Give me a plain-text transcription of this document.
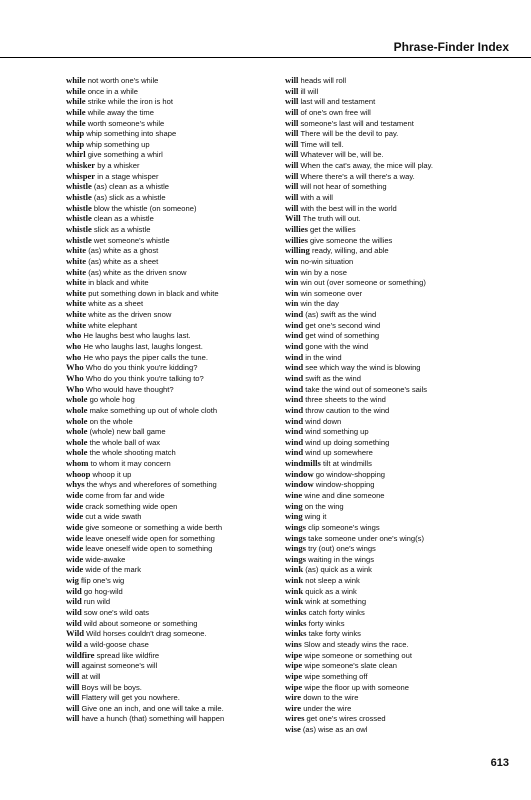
Phrase-Finder Index
while not worth one's while
while once in a while
while strike while the iron is hot
while while away the time
while worth someone's while
whip whip something into shape
whip whip something up
whirl give something a whirl
whisker by a whisker
whisper in a stage whisper
whistle (as) clean as a whistle
whistle (as) slick as a whistle
whistle blow the whistle (on someone)
whistle clean as a whistle
whistle slick as a whistle
whistle wet someone's whistle
white (as) white as a ghost
white (as) white as a sheet
white (as) white as the driven snow
white in black and white
white put something down in black and white
white white as a sheet
white white as the driven snow
white white elephant
who He laughs best who laughs last.
who He who laughs last, laughs longest.
who He who pays the piper calls the tune.
Who Who do you think you're kidding?
Who Who do you think you're talking to?
Who Who would have thought?
whole go whole hog
whole make something up out of whole cloth
whole on the whole
whole (whole) new ball game
whole the whole ball of wax
whole the whole shooting match
whom to whom it may concern
whoop whoop it up
whys the whys and wherefores of something
wide come from far and wide
wide crack something wide open
wide cut a wide swath
wide give someone or something a wide berth
wide leave oneself wide open for something
wide leave oneself wide open to something
wide wide-awake
wide wide of the mark
wig flip one's wig
wild go hog-wild
wild run wild
wild sow one's wild oats
wild wild about someone or something
Wild Wild horses couldn't drag someone.
wild a wild-goose chase
wildfire spread like wildfire
will against someone's will
will at will
will Boys will be boys.
will Flattery will get you nowhere.
will Give one an inch, and one will take a mile.
will have a hunch (that) something will happen
will heads will roll
will ill will
will last will and testament
will of one's own free will
will someone's last will and testament
will There will be the devil to pay.
will Time will tell.
will Whatever will be, will be.
will When the cat's away, the mice will play.
will Where there's a will there's a way.
will will not hear of something
will with a will
will with the best will in the world
Will The truth will out.
willies get the willies
willies give someone the willies
willing ready, willing, and able
win no-win situation
win win by a nose
win win out (over someone or something)
win win someone over
win win the day
wind (as) swift as the wind
wind get one's second wind
wind get wind of something
wind gone with the wind
wind in the wind
wind see which way the wind is blowing
wind swift as the wind
wind take the wind out of someone's sails
wind three sheets to the wind
wind throw caution to the wind
wind wind down
wind wind something up
wind wind up doing something
wind wind up somewhere
windmills tilt at windmills
window go window-shopping
window window-shopping
wine wine and dine someone
wing on the wing
wing wing it
wings clip someone's wings
wings take someone under one's wing(s)
wings try (out) one's wings
wings waiting in the wings
wink (as) quick as a wink
wink not sleep a wink
wink quick as a wink
wink wink at something
winks catch forty winks
winks forty winks
winks take forty winks
wins Slow and steady wins the race.
wipe wipe someone or something out
wipe wipe someone's slate clean
wipe wipe something off
wipe wipe the floor up with someone
wire down to the wire
wire under the wire
wires get one's wires crossed
wise (as) wise as an owl
613
